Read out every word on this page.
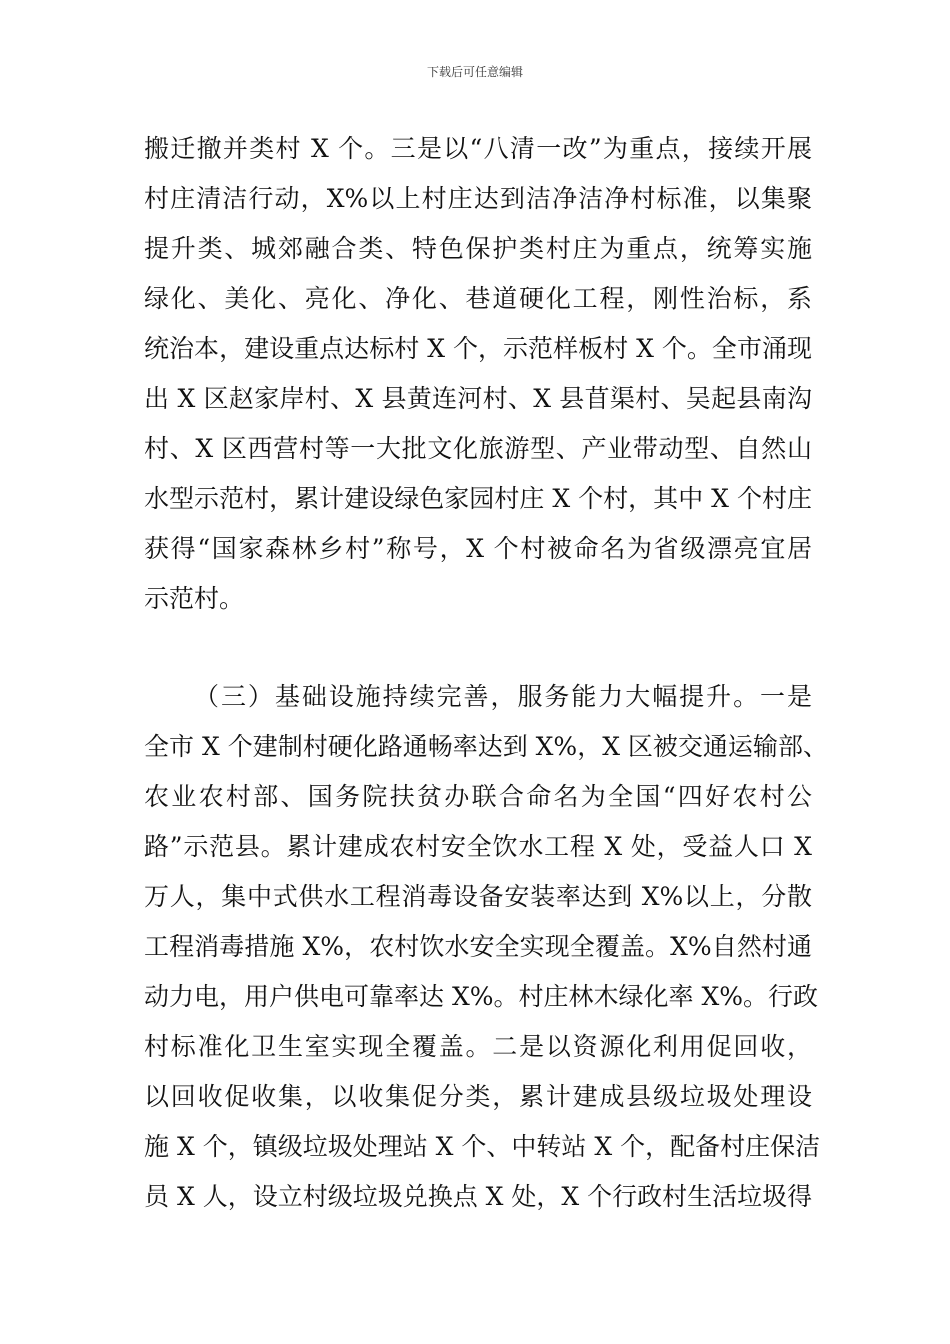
下载后可任意编辑
搬迁撤并类村 X 个。三是以“八清一改”为重点，接续开展
村庄清洁行动，X%以上村庄达到洁净洁净村标准，以集聚
提升类、城郊融合类、特色保护类村庄为重点，统筹实施
绿化、美化、亮化、净化、巷道硬化工程，刚性治标，系
统治本，建设重点达标村 X 个，示范样板村 X 个。全市涌现
出 X 区赵家岸村、X 县黄连河村、X 县苜渠村、吴起县南沟
村、X 区西营村等一大批文化旅游型、产业带动型、自然山
水型示范村，累计建设绿色家园村庄 X 个村，其中 X 个村庄
获得“国家森林乡村”称号，X 个村被命名为省级漂亮宜居
示范村。
（三）基础设施持续完善，服务能力大幅提升。一是
全市 X 个建制村硬化路通畅率达到 X%，X 区被交通运输部、
农业农村部、国务院扶贫办联合命名为全国“四好农村公
路”示范县。累计建成农村安全饮水工程 X 处，受益人口 X
万人，集中式供水工程消毒设备安装率达到 X%以上，分散
工程消毒措施 X%，农村饮水安全实现全覆盖。X%自然村通
动力电，用户供电可靠率达 X%。村庄林木绿化率 X%。行政
村标准化卫生室实现全覆盖。二是以资源化利用促回收，
以回收促收集，以收集促分类，累计建成县级垃圾处理设
施 X 个，镇级垃圾处理站 X 个、中转站 X 个，配备村庄保洁
员 X 人，设立村级垃圾兑换点 X 处，X 个行政村生活垃圾得
